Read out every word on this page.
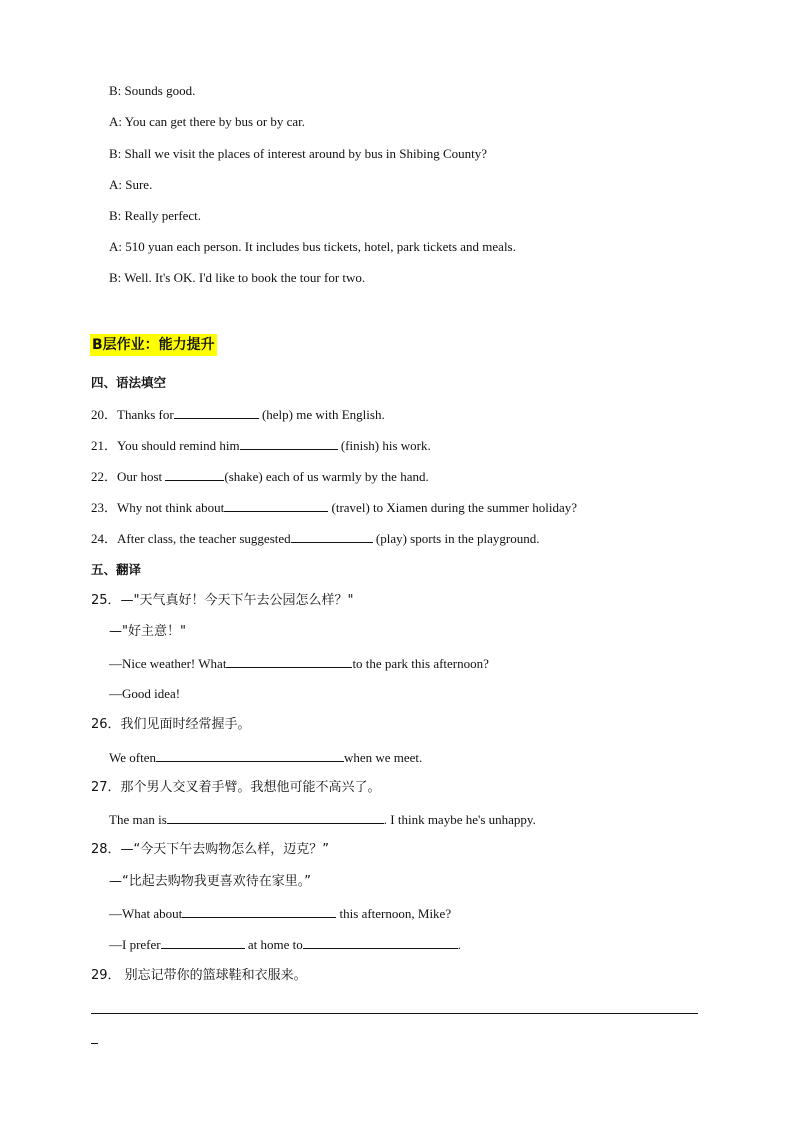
B: Sounds good.
A: You can get there by bus or by car.
B: Shall we visit the places of interest around by bus in Shibing County?
A: Sure.
B: Really perfect.
A: 510 yuan each person. It includes bus tickets, hotel, park tickets and meals.
B: Well. It's OK. I'd like to book the tour for two.
B层作业：能力提升
四、语法填空
20．Thanks for	(help) me with English.
21．You should remind him	(finish) his work.
22．Our host	(shake) each of us warmly by the hand.
23．Why not think about	(travel) to Xiamen during the summer holiday?
24．After class, the teacher suggested	(play) sports in the playground.
五、翻译
25．—"天气真好！今天下午去公园怎么样？"
—"好主意！"
—Nice weather! What	to the park this afternoon?
—Good idea!
26．我们见面时经常握手。
We often	when we meet.
27．那个男人交叉着手臂。我想他可能不高兴了。
The man is	. I think maybe he's unhappy.
28．—“今天下午去购物怎么样，迈克？”
—“比起去购物我更喜欢待在家里。”
—What about	this afternoon, Mike?
—I prefer	at home to	.
29． 别忘记带你的篮球鞋和衣服来。
